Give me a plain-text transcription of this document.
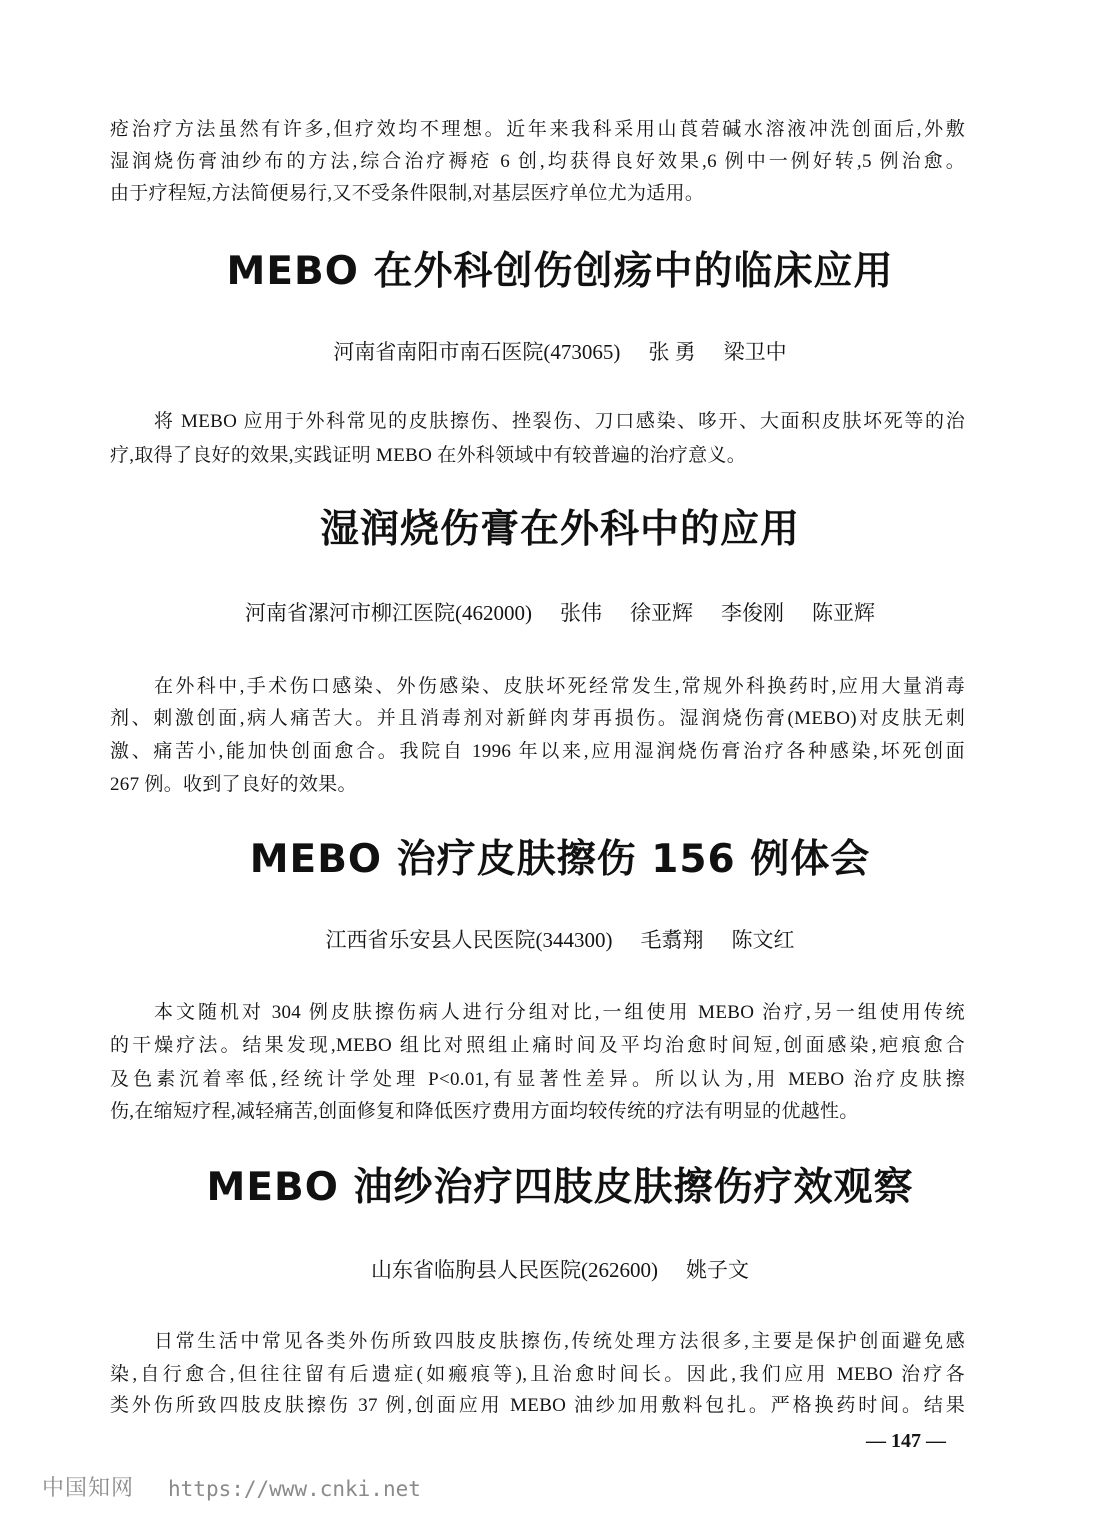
疮治疗方法虽然有许多,但疗效均不理想。近年来我科采用山莨菪碱水溶液冲洗创面后,外敷
湿润烧伤膏油纱布的方法,综合治疗褥疮 6 创,均获得良好效果,6 例中一例好转,5 例治愈。
由于疗程短,方法简便易行,又不受条件限制,对基层医疗单位尤为适用。
MEBO 在外科创伤创疡中的临床应用
河南省南阳市南石医院(473065) 张 勇 梁卫中
将 MEBO 应用于外科常见的皮肤擦伤、挫裂伤、刀口感染、哆开、大面积皮肤坏死等的治
疗,取得了良好的效果,实践证明 MEBO 在外科领域中有较普遍的治疗意义。
湿润烧伤膏在外科中的应用
河南省漯河市柳江医院(462000) 张伟 徐亚辉 李俊刚 陈亚辉
在外科中,手术伤口感染、外伤感染、皮肤坏死经常发生,常规外科换药时,应用大量消毒
剂、刺激创面,病人痛苦大。并且消毒剂对新鲜肉芽再损伤。湿润烧伤膏(MEBO)对皮肤无刺
激、痛苦小,能加快创面愈合。我院自 1996 年以来,应用湿润烧伤膏治疗各种感染,坏死创面
267 例。收到了良好的效果。
MEBO 治疗皮肤擦伤 156 例体会
江西省乐安县人民医院(344300) 毛翥翔 陈文红
本文随机对 304 例皮肤擦伤病人进行分组对比,一组使用 MEBO 治疗,另一组使用传统
的干燥疗法。结果发现,MEBO 组比对照组止痛时间及平均治愈时间短,创面感染,疤痕愈合
及色素沉着率低,经统计学处理 P<0.01,有显著性差异。所以认为,用 MEBO 治疗皮肤擦
伤,在缩短疗程,减轻痛苦,创面修复和降低医疗费用方面均较传统的疗法有明显的优越性。
MEBO 油纱治疗四肢皮肤擦伤疗效观察
山东省临朐县人民医院(262600) 姚子文
日常生活中常见各类外伤所致四肢皮肤擦伤,传统处理方法很多,主要是保护创面避免感
染,自行愈合,但往往留有后遗症(如瘢痕等),且治愈时间长。因此,我们应用 MEBO 治疗各
类外伤所致四肢皮肤擦伤 37 例,创面应用 MEBO 油纱加用敷料包扎。严格换药时间。结果
— 147 —
中国知网 https://www.cnki.net
